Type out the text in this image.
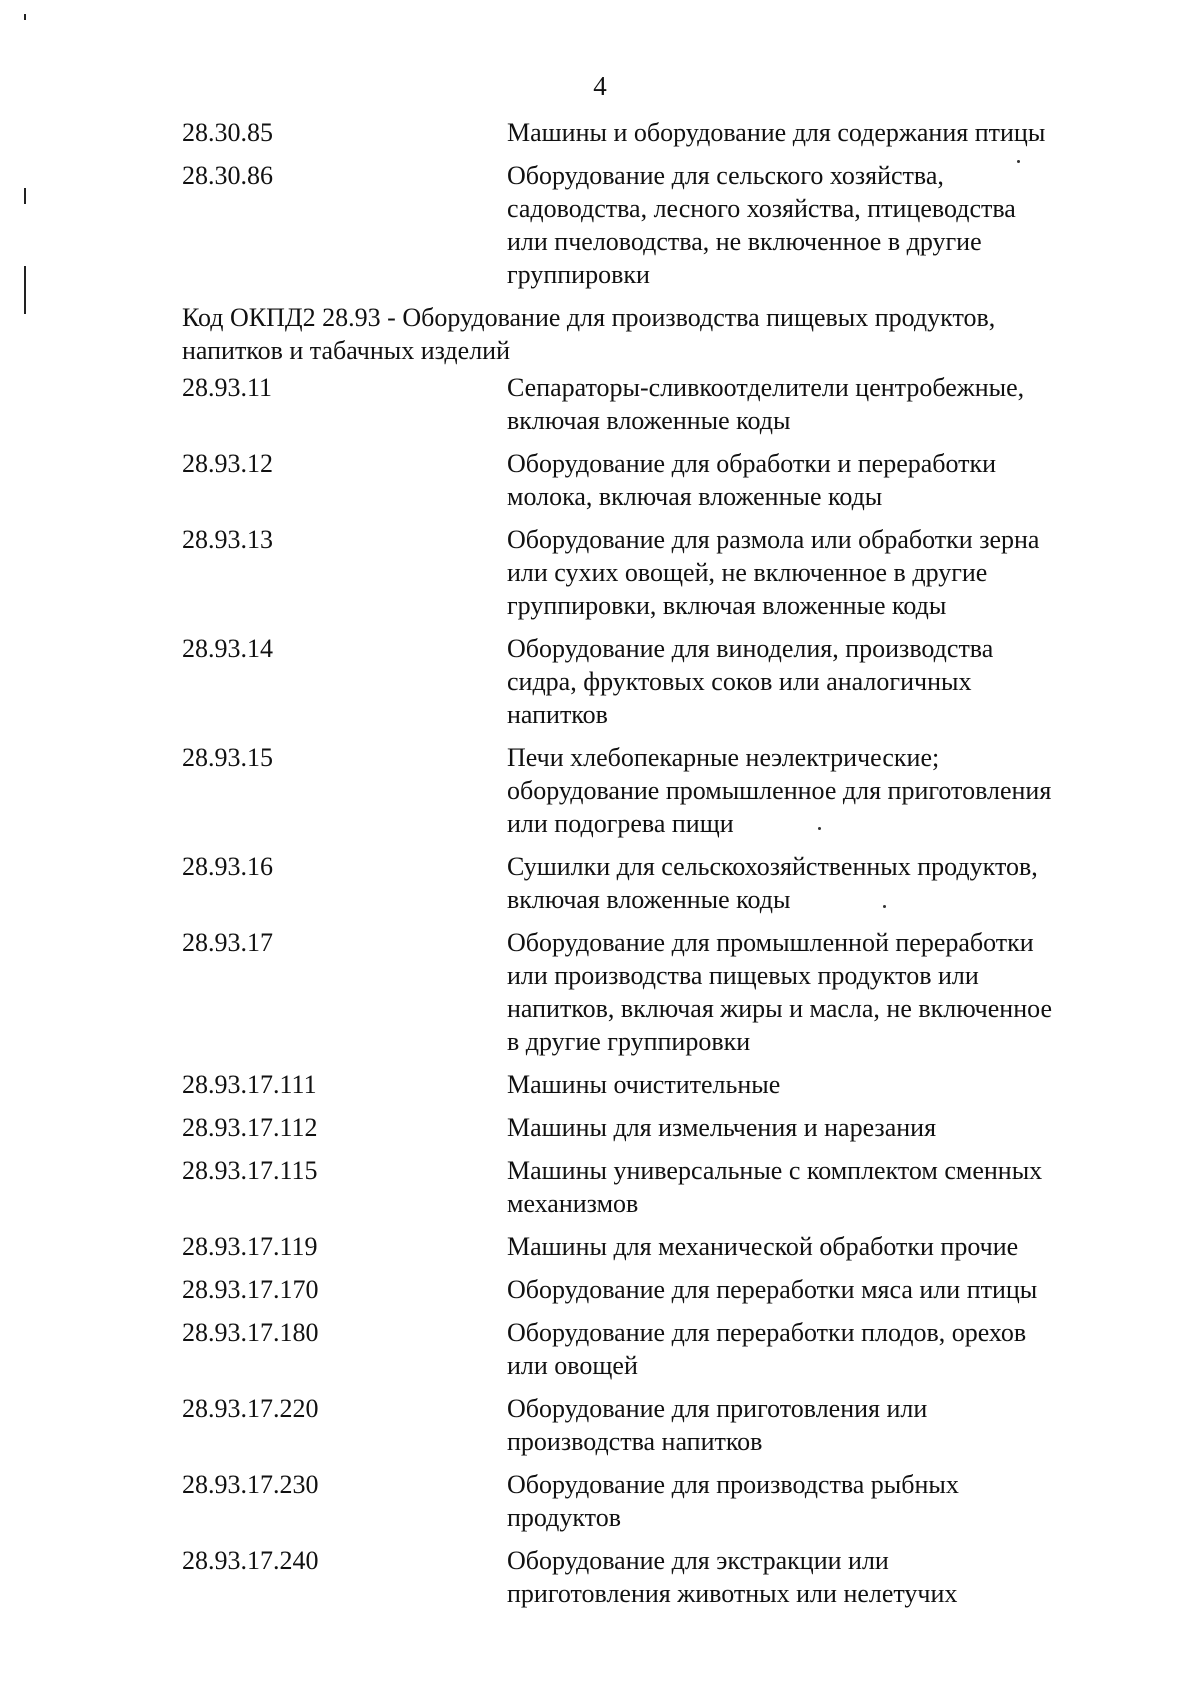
4
28.30.85	Машины и оборудование для содержания птицы
28.30.86	Оборудование для сельского хозяйства,
садоводства, лесного хозяйства, птицеводства
или пчеловодства, не включенное в другие
группировки
Код ОКПД2 28.93 - Оборудование для производства пищевых продуктов,
напитков и табачных изделий
28.93.11	Сепараторы-сливкоотделители центробежные,
включая вложенные коды
28.93.12	Оборудование для обработки и переработки
молока, включая вложенные коды
28.93.13	Оборудование для размола или обработки зерна
или сухих овощей, не включенное в другие
группировки, включая вложенные коды
28.93.14	Оборудование для виноделия, производства
сидра, фруктовых соков или аналогичных
напитков
28.93.15	Печи хлебопекарные неэлектрические;
оборудование промышленное для приготовления
или подогрева пищи
28.93.16	Сушилки для сельскохозяйственных продуктов,
включая вложенные коды
28.93.17	Оборудование для промышленной переработки
или производства пищевых продуктов или
напитков, включая жиры и масла, не включенное
в другие группировки
28.93.17.111	Машины очистительные
28.93.17.112	Машины для измельчения и нарезания
28.93.17.115	Машины универсальные с комплектом сменных
механизмов
28.93.17.119	Машины для механической обработки прочие
28.93.17.170	Оборудование для переработки мяса или птицы
28.93.17.180	Оборудование для переработки плодов, орехов
или овощей
28.93.17.220	Оборудование для приготовления или
производства напитков
28.93.17.230	Оборудование для производства рыбных
продуктов
28.93.17.240	Оборудование для экстракции или
приготовления животных или нелетучих
